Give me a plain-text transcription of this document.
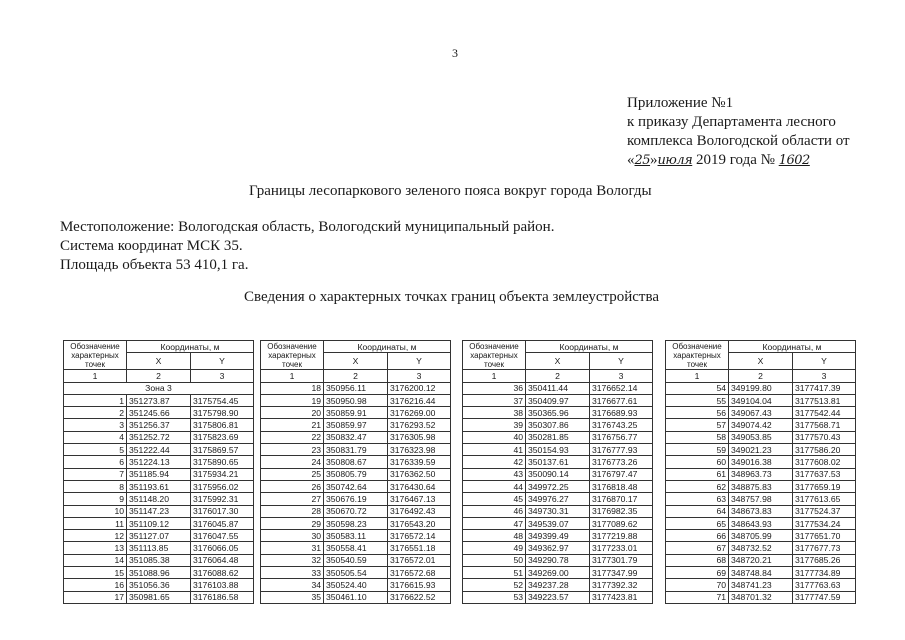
3
Приложение №1
к приказу Департамента лесного
комплекса Вологодской области от
«25»июля 2019 года № 1602
Границы лесопаркового зеленого пояса вокруг города Вологды
Местоположение: Вологодская область, Вологодский муниципальный район.
Система координат МСК 35.
Площадь объекта 53 410,1 га.
Сведения о характерных точках границ объекта землеустройства
Обозначение характерных точек	Координаты, м	
	X	Y
1	2	3
Зона 3		
1	351273.87	3175754.45
2	351245.66	3175798.90
3	351256.37	3175806.81
4	351252.72	3175823.69
5	351222.44	3175869.57
6	351224.13	3175890.65
7	351185.94	3175934.21
8	351193.61	3175956.02
9	351148.20	3175992.31
10	351147.23	3176017.30
11	351109.12	3176045.87
12	351127.07	3176047.55
13	351113.85	3176066.05
14	351085.38	3176064.48
15	351088.96	3176088.62
16	351056.36	3176103.88
17	350981.65	3176186.58
Обозначение характерных точек	Координаты, м	
	X	Y
1	2	3
18	350956.11	3176200.12
19	350950.98	3176216.44
20	350859.91	3176269.00
21	350859.97	3176293.52
22	350832.47	3176305.98
23	350831.79	3176323.98
24	350808.67	3176339.59
25	350805.79	3176362.50
26	350742.64	3176430.64
27	350676.19	3176467.13
28	350670.72	3176492.43
29	350598.23	3176543.20
30	350583.11	3176572.14
31	350558.41	3176551.18
32	350540.59	3176572.01
33	350505.54	3176572.68
34	350524.40	3176615.93
35	350461.10	3176622.52
Обозначение характерных точек	Координаты, м	
	X	Y
1	2	3
36	350411.44	3176652.14
37	350409.97	3176677.61
38	350365.96	3176689.93
39	350307.86	3176743.25
40	350281.85	3176756.77
41	350154.93	3176777.93
42	350137.61	3176773.26
43	350090.14	3176797.47
44	349972.25	3176818.48
45	349976.27	3176870.17
46	349730.31	3176982.35
47	349539.07	3177089.62
48	349399.49	3177219.88
49	349362.97	3177233.01
50	349290.78	3177301.79
51	349269.00	3177347.99
52	349237.28	3177392.32
53	349223.57	3177423.81
Обозначение характерных точек	Координаты, м	
	X	Y
1	2	3
54	349199.80	3177417.39
55	349104.04	3177513.81
56	349067.43	3177542.44
57	349074.42	3177568.71
58	349053.85	3177570.43
59	349021.23	3177586.20
60	349016.38	3177608.02
61	348963.73	3177637.53
62	348875.83	3177659.19
63	348757.98	3177613.65
64	348673.83	3177524.37
65	348643.93	3177534.24
66	348705.99	3177651.70
67	348732.52	3177677.73
68	348720.21	3177685.26
69	348748.84	3177734.89
70	348741.23	3177763.63
71	348701.32	3177747.59
